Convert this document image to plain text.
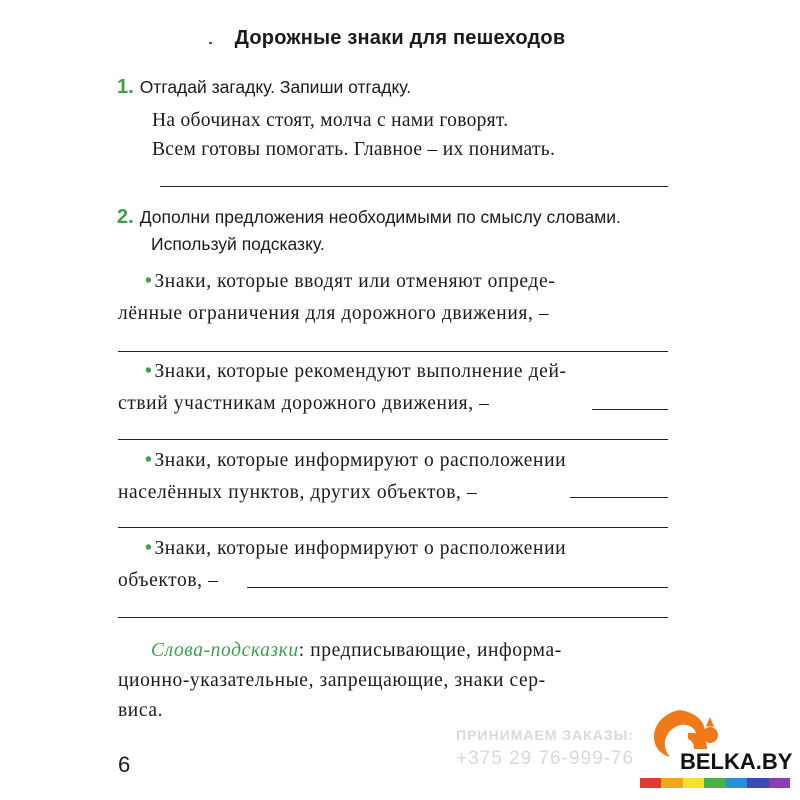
Дорожные знаки для пешеходов
1. Отгадай загадку. Запиши отгадку.
На обочинах стоят, молча с нами говорят.
Всем готовы помогать. Главное – их понимать.
2. Дополни предложения необходимыми по смыслу словами.
Используй подсказку.
• Знаки, которые вводят или отменяют опреде-
лённые ограничения для дорожного движения, –
• Знаки, которые рекомендуют выполнение дей-
ствий участникам дорожного движения, –
• Знаки, которые информируют о расположении
населённых пунктов, других объектов, –
• Знаки, которые информируют о расположении
объектов, –
Слова-подсказки: предписывающие, информа-
ционно-указательные, запрещающие, знаки сер-
виса.
6
ПРИНИМАЕМ ЗАКАЗЫ:
+375 29 76-999-76 BELKA.BY
